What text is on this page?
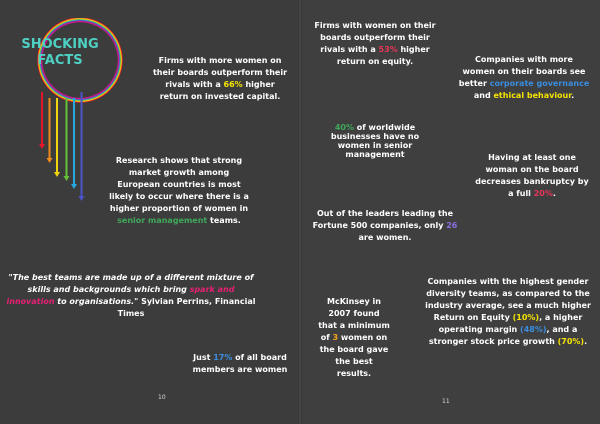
SHOCKING
FACTS	Firms with more women on their boards outperform their rivals with a 66% higher return on invested capital.
Research shows that strong market growth among European countries is most likely to occur where there is a higher proportion of women in senior management teams.
"The best teams are made up of a different mixture of skills and backgrounds which bring spark and innovation to organisations." Sylvian Perrins, Financial Times
Just 17% of all board members are women
10
Firms with women on their boards outperform their rivals with a 53% higher return on equity.	Companies with more women on their boards see better corporate governance and ethical behaviour.
40% of worldwide businesses have no women in senior management	Having at least one woman on the board decreases bankruptcy by a full 20%.
Out of the leaders leading the Fortune 500 companies, only 26 are women.
McKinsey in 2007 found that a minimum of 3 women on the board gave the best results.
Companies with the highest gender diversity teams, as compared to the industry average, see a much higher Return on Equity (10%), a higher operating margin (48%), and a stronger stock price growth (70%).
11
